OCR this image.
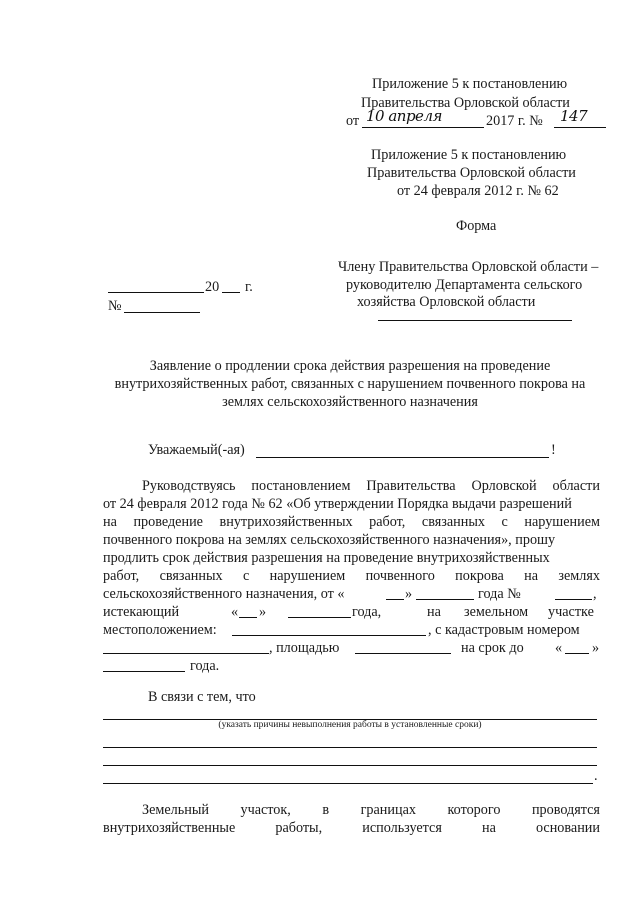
Приложение 5 к постановлению
Правительства Орловской области
от 10 апреля	2017 г. № 147
Приложение 5 к постановлению
Правительства Орловской области
от 24 февраля 2012 г. № 62
Форма
20 г.
№
Члену Правительства Орловской области –
руководителю Департамента сельского
хозяйства Орловской области
Заявление о продлении срока действия разрешения на проведение
внутрихозяйственных работ, связанных с нарушением почвенного покрова на
землях сельскохозяйственного назначения
Уважаемый(-ая)	!
Руководствуясь постановлением Правительства Орловской области
от 24 февраля 2012 года № 62 «Об утверждении Порядка выдачи разрешений
на проведение внутрихозяйственных работ, связанных с нарушением
почвенного покрова на землях сельскохозяйственного назначения», прошу
продлить срок действия разрешения на проведение внутрихозяйственных
работ, связанных с нарушением почвенного покрова на землях
сельскохозяйственного назначения, от «	»	года №	,
истекающий	« »	года,	на земельном участке
местоположением:	, с кадастровым номером
, площадью	на срок до « »
года.
В связи с тем, что
(указать причины невыполнения работы в установленные сроки)
.
Земельный участок, в границах которого проводятся
внутрихозяйственные	работы,	используется	на	основании
